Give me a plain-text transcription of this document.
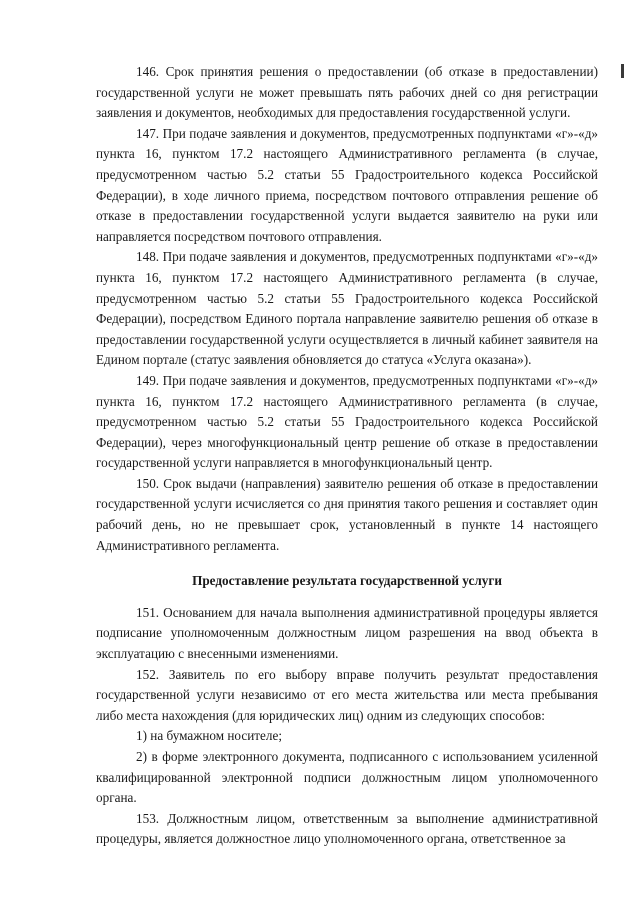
146. Срок принятия решения о предоставлении (об отказе в предоставлении) государственной услуги не может превышать пять рабочих дней со дня регистрации заявления и документов, необходимых для предоставления государственной услуги.

147. При подаче заявления и документов, предусмотренных подпунктами «г»-«д» пункта 16, пунктом 17.2 настоящего Административного регламента (в случае, предусмотренном частью 5.2 статьи 55 Градостроительного кодекса Российской Федерации), в ходе личного приема, посредством почтового отправления решение об отказе в предоставлении государственной услуги выдается заявителю на руки или направляется посредством почтового отправления.

148. При подаче заявления и документов, предусмотренных подпунктами «г»-«д» пункта 16, пунктом 17.2 настоящего Административного регламента (в случае, предусмотренном частью 5.2 статьи 55 Градостроительного кодекса Российской Федерации), посредством Единого портала направление заявителю решения об отказе в предоставлении государственной услуги осуществляется в личный кабинет заявителя на Едином портале (статус заявления обновляется до статуса «Услуга оказана»).

149. При подаче заявления и документов, предусмотренных подпунктами «г»-«д» пункта 16, пунктом 17.2 настоящего Административного регламента (в случае, предусмотренном частью 5.2 статьи 55 Градостроительного кодекса Российской Федерации), через многофункциональный центр решение об отказе в предоставлении государственной услуги направляется в многофункциональный центр.

150. Срок выдачи (направления) заявителю решения об отказе в предоставлении государственной услуги исчисляется со дня принятия такого решения и составляет один рабочий день, но не превышает срок, установленный в пункте 14 настоящего Административного регламента.

Предоставление результата государственной услуги

151. Основанием для начала выполнения административной процедуры является подписание уполномоченным должностным лицом разрешения на ввод объекта в эксплуатацию с внесенными изменениями.

152. Заявитель по его выбору вправе получить результат предоставления государственной услуги независимо от его места жительства или места пребывания либо места нахождения (для юридических лиц) одним из следующих способов:

1) на бумажном носителе;

2) в форме электронного документа, подписанного с использованием усиленной квалифицированной электронной подписи должностным лицом уполномоченного органа.

153. Должностным лицом, ответственным за выполнение административной процедуры, является должностное лицо уполномоченного органа, ответственное за
